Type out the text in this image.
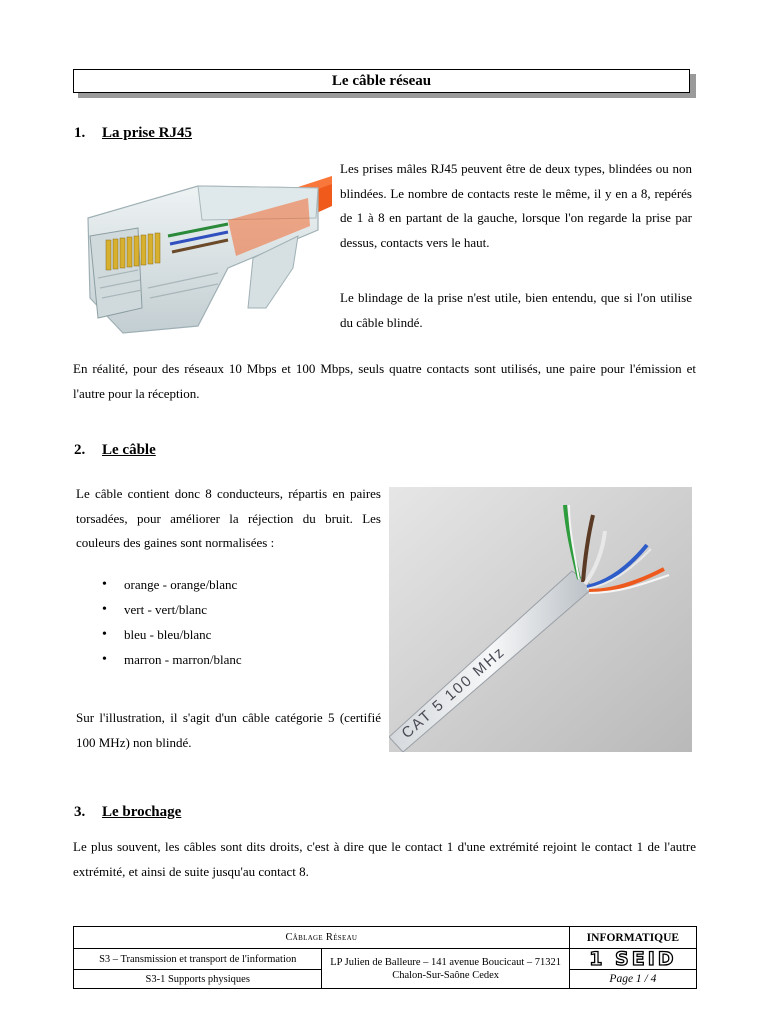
Le câble réseau
1. La prise RJ45
Les prises mâles RJ45 peuvent être de deux types, blindées ou non blindées. Le nombre de contacts reste le même, il y en a 8, repérés de 1 à 8 en partant de la gauche, lorsque l'on regarde la prise par dessus, contacts vers le haut.
Le blindage de la prise n'est utile, bien entendu, que si l'on utilise du câble blindé.
En réalité, pour des réseaux 10 Mbps et 100 Mbps, seuls quatre contacts sont utilisés, une paire pour l'émission et l'autre pour la réception.
2. Le câble
Le câble contient donc 8 conducteurs, répartis en paires torsadées, pour améliorer la réjection du bruit. Les couleurs des gaines sont normalisées :
• orange - orange/blanc
• vert - vert/blanc
• bleu - bleu/blanc
• marron - marron/blanc
Sur l'illustration, il s'agit d'un câble catégorie 5 (certifié 100 MHz) non blindé.	CAT 5 100 MHz
3. Le brochage
Le plus souvent, les câbles sont dits droits, c'est à dire que le contact 1 d'une extrémité rejoint le contact 1 de l'autre extrémité, et ainsi de suite jusqu'au contact 8.
Câblage Réseau		INFORMATIQUE
S3 – Transmission et transport de l'information	LP Julien de Balleure – 141 avenue Boucicaut – 71321 Chalon-Sur-Saône Cedex	1 SEID
S3-1 Supports physiques		Page 1 / 4
